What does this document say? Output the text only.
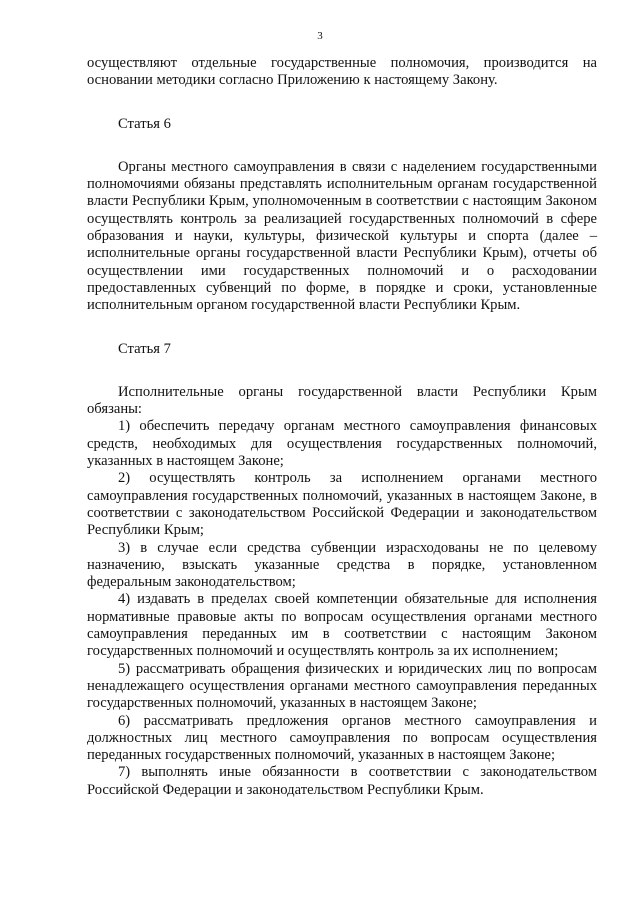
3

осуществляют отдельные государственные полномочия, производится на основании методики согласно Приложению к настоящему Закону.

Статья 6

Органы местного самоуправления в связи с наделением государственными полномочиями обязаны представлять исполнительным органам государственной власти Республики Крым, уполномоченным в соответствии с настоящим Законом осуществлять контроль за реализацией государственных полномочий в сфере образования и науки, культуры, физической культуры и спорта (далее – исполнительные органы государственной власти Республики Крым), отчеты об осуществлении ими государственных полномочий и о расходовании предоставленных субвенций по форме, в порядке и сроки, установленные исполнительным органом государственной власти Республики Крым.

Статья 7

Исполнительные органы государственной власти Республики Крым обязаны:

1) обеспечить передачу органам местного самоуправления финансовых средств, необходимых для осуществления государственных полномочий, указанных в настоящем Законе;

2) осуществлять контроль за исполнением органами местного самоуправления государственных полномочий, указанных в настоящем Законе, в соответствии с законодательством Российской Федерации и законодательством Республики Крым;

3) в случае если средства субвенции израсходованы не по целевому назначению, взыскать указанные средства в порядке, установленном федеральным законодательством;

4) издавать в пределах своей компетенции обязательные для исполнения нормативные правовые акты по вопросам осуществления органами местного самоуправления переданных им в соответствии с настоящим Законом государственных полномочий и осуществлять контроль за их исполнением;

5) рассматривать обращения физических и юридических лиц по вопросам ненадлежащего осуществления органами местного самоуправления переданных государственных полномочий, указанных в настоящем Законе;

6) рассматривать предложения органов местного самоуправления и должностных лиц местного самоуправления по вопросам осуществления переданных государственных полномочий, указанных в настоящем Законе;

7) выполнять иные обязанности в соответствии с законодательством Российской Федерации и законодательством Республики Крым.
